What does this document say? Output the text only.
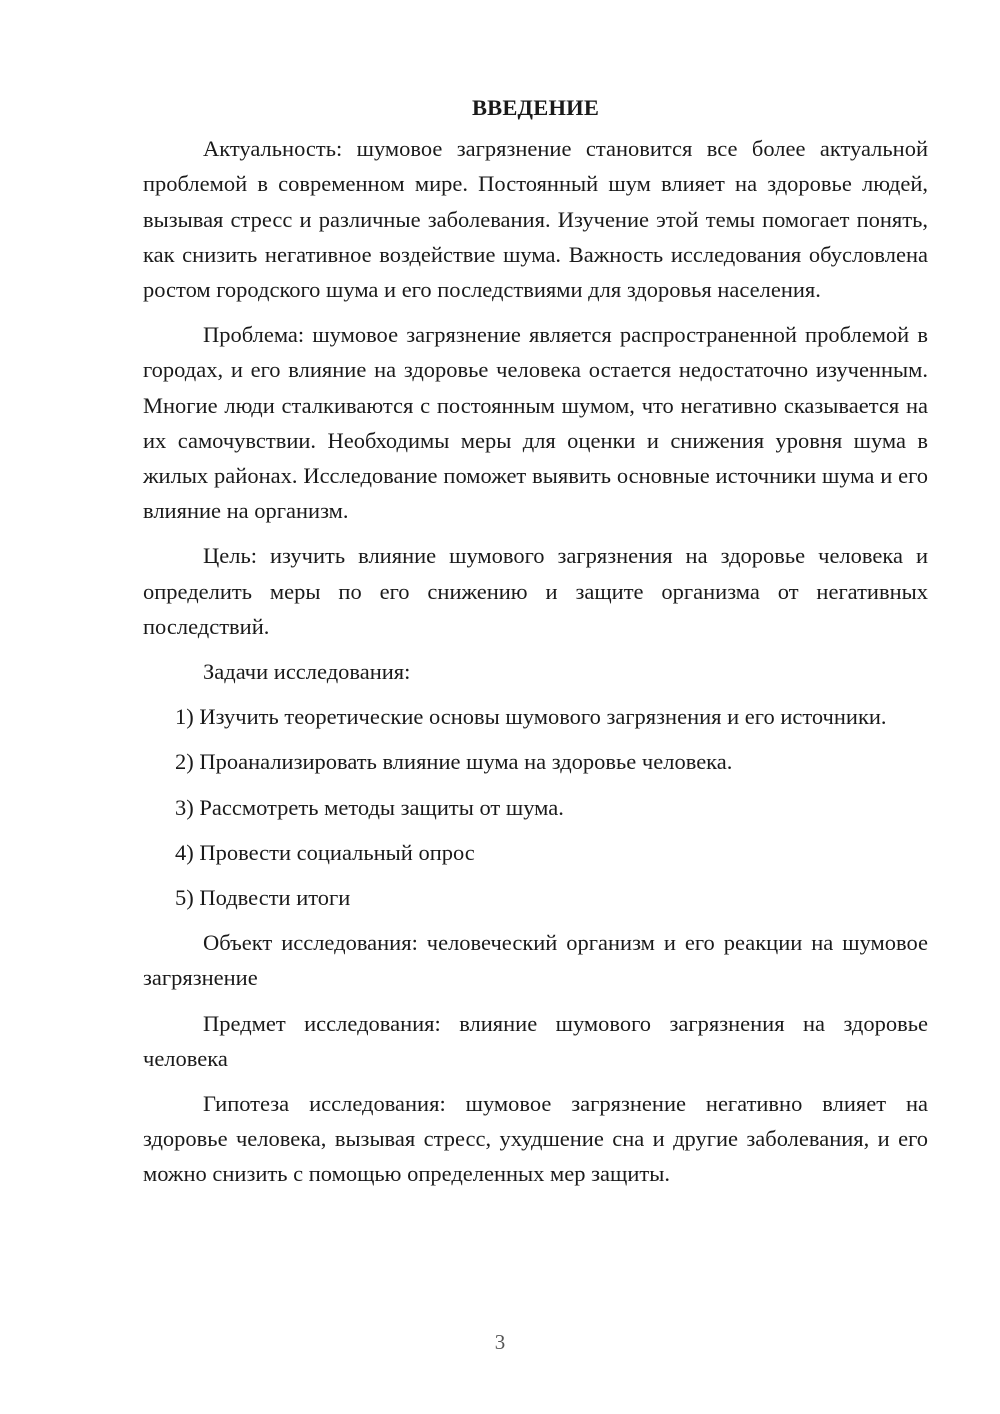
ВВЕДЕНИЕ

Актуальность: шумовое загрязнение становится все более актуальной проблемой в современном мире. Постоянный шум влияет на здоровье людей, вызывая стресс и различные заболевания. Изучение этой темы помогает понять, как снизить негативное воздействие шума. Важность исследования обусловлена ростом городского шума и его последствиями для здоровья населения.

Проблема: шумовое загрязнение является распространенной проблемой в городах, и его влияние на здоровье человека остается недостаточно изученным. Многие люди сталкиваются с постоянным шумом, что негативно сказывается на их самочувствии. Необходимы меры для оценки и снижения уровня шума в жилых районах. Исследование поможет выявить основные источники шума и его влияние на организм.

Цель: изучить влияние шумового загрязнения на здоровье человека и определить меры по его снижению и защите организма от негативных последствий.

Задачи исследования:

1) Изучить теоретические основы шумового загрязнения и его источники.

2) Проанализировать влияние шума на здоровье человека.

3) Рассмотреть методы защиты от шума.

4) Провести социальный опрос

5) Подвести итоги

Объект исследования: человеческий организм и его реакции на шумовое загрязнение

Предмет исследования: влияние шумового загрязнения на здоровье человека

Гипотеза исследования: шумовое загрязнение негативно влияет на здоровье человека, вызывая стресс, ухудшение сна и другие заболевания, и его можно снизить с помощью определенных мер защиты.

3
